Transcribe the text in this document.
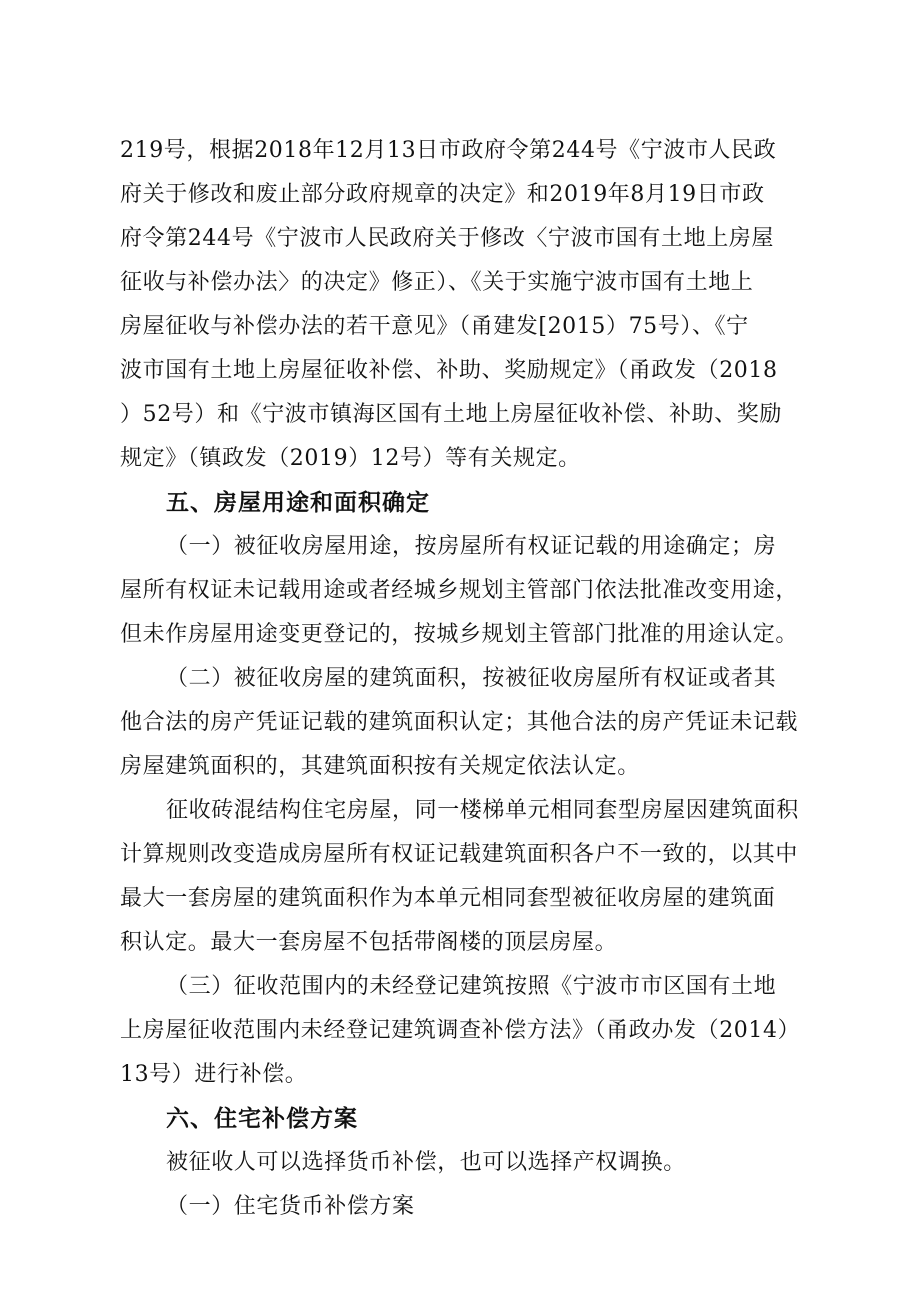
219号，根据2018年12月13日市政府令第244号《宁波市人民政
府关于修改和废止部分政府规章的决定》和2019年8月19日市政
府令第244号《宁波市人民政府关于修改〈宁波市国有土地上房屋
征收与补偿办法〉的决定》修正）、《关于实施宁波市国有土地上
房屋征收与补偿办法的若干意见》（甬建发[2015）75号）、《宁
波市国有土地上房屋征收补偿、补助、奖励规定》（甬政发（2018
）52号）和《宁波市镇海区国有土地上房屋征收补偿、补助、奖励
规定》（镇政发（2019）12号）等有关规定。
五、房屋用途和面积确定
（一）被征收房屋用途，按房屋所有权证记载的用途确定；房
屋所有权证未记载用途或者经城乡规划主管部门依法批准改变用途，
但未作房屋用途变更登记的，按城乡规划主管部门批准的用途认定。
（二）被征收房屋的建筑面积，按被征收房屋所有权证或者其
他合法的房产凭证记载的建筑面积认定；其他合法的房产凭证未记载
房屋建筑面积的，其建筑面积按有关规定依法认定。
征收砖混结构住宅房屋，同一楼梯单元相同套型房屋因建筑面积
计算规则改变造成房屋所有权证记载建筑面积各户不一致的，以其中
最大一套房屋的建筑面积作为本单元相同套型被征收房屋的建筑面
积认定。最大一套房屋不包括带阁楼的顶层房屋。
（三）征收范围内的未经登记建筑按照《宁波市市区国有土地
上房屋征收范围内未经登记建筑调查补偿方法》（甬政办发（2014）
13号）进行补偿。
六、住宅补偿方案
被征收人可以选择货币补偿，也可以选择产权调换。
（一）住宅货币补偿方案
